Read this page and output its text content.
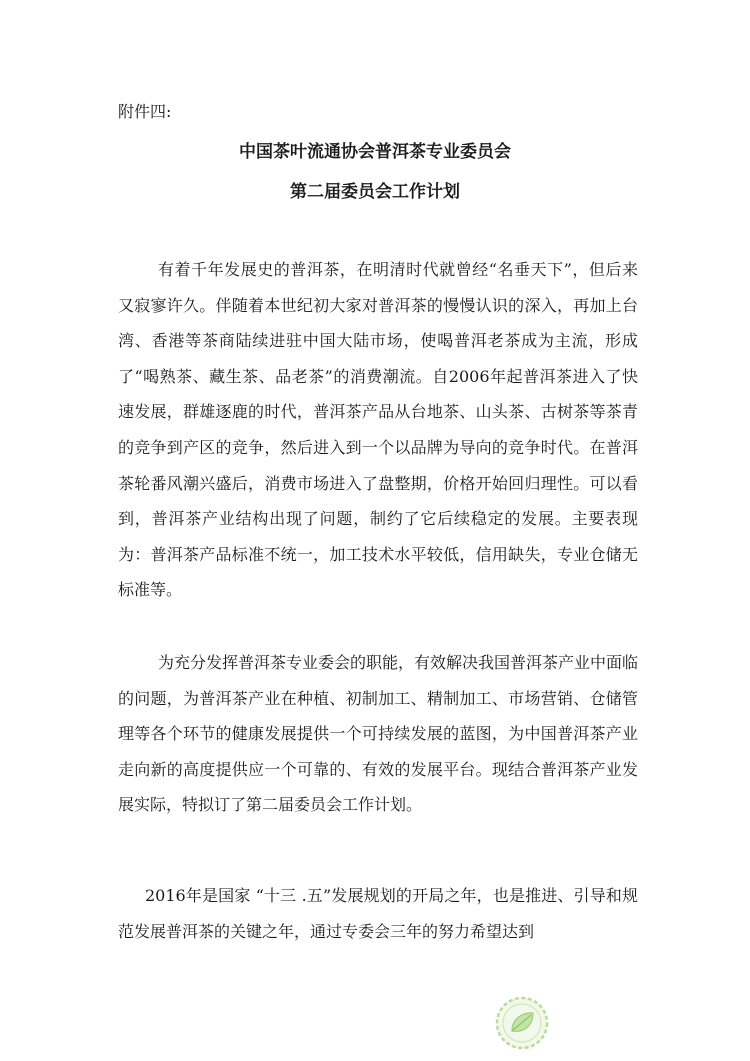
附件四:
中国茶叶流通协会普洱茶专业委员会
第二届委员会工作计划

有着千年发展史的普洱茶，在明清时代就曾经“名垂天下”，但后来又寂寥许久。伴随着本世纪初大家对普洱茶的慢慢认识的深入，再加上台湾、香港等茶商陆续进驻中国大陆市场，使喝普洱老茶成为主流，形成了“喝熟茶、藏生茶、品老茶”的消费潮流。自2006年起普洱茶进入了快速发展，群雄逐鹿的时代，普洱茶产品从台地茶、山头茶、古树茶等茶青的竞争到产区的竞争，然后进入到一个以品牌为导向的竞争时代。在普洱茶轮番风潮兴盛后，消费市场进入了盘整期，价格开始回归理性。可以看到，普洱茶产业结构出现了问题，制约了它后续稳定的发展。主要表现为：普洱茶产品标准不统一，加工技术水平较低，信用缺失，专业仓储无标准等。

为充分发挥普洱茶专业委会的职能，有效解决我国普洱茶产业中面临的问题，为普洱茶产业在种植、初制加工、精制加工、市场营销、仓储管理等各个环节的健康发展提供一个可持续发展的蓝图，为中国普洱茶产业走向新的高度提供应一个可靠的、有效的发展平台。现结合普洱茶产业发展实际，特拟订了第二届委员会工作计划。

2016年是国家 “十三 .五”发展规划的开局之年，也是推进、引导和规范发展普洱茶的关键之年，通过专委会三年的努力希望达到
